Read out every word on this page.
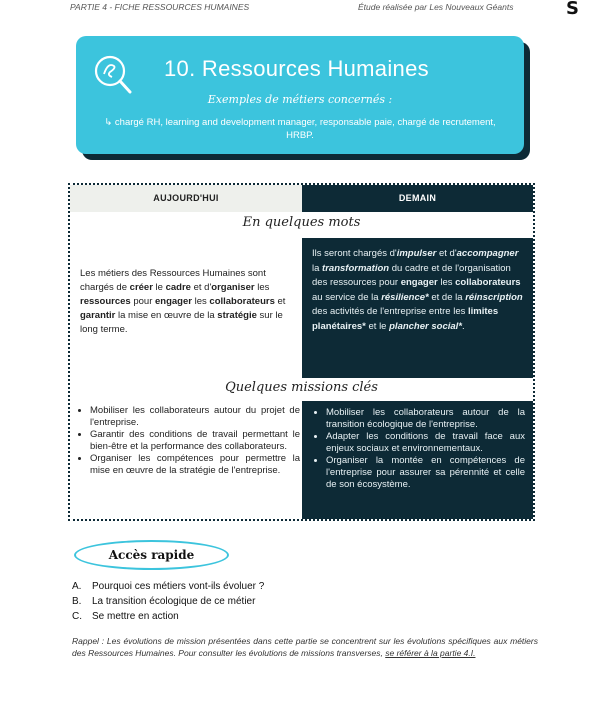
PARTIE 4 - FICHE RESSOURCES HUMAINES	Étude réalisée par Les Nouveaux Géants	S
10. Ressources Humaines
Exemples de métiers concernés :
↳ chargé RH, learning and development manager, responsable paie, chargé de recrutement, HRBP.
AUJOURD'HUI	DEMAIN
En quelques mots
Les métiers des Ressources Humaines sont chargés de créer le cadre et d'organiser les ressources pour engager les collaborateurs et garantir la mise en œuvre de la stratégie sur le long terme.
Ils seront chargés d'impulser et d'accompagner la transformation du cadre et de l'organisation des ressources pour engager les collaborateurs au service de la résilience* et de la réinscription des activités de l'entreprise entre les limites planétaires* et le plancher social*.
Quelques missions clés
• Mobiliser les collaborateurs autour du projet de l'entreprise.
• Garantir des conditions de travail permettant le bien-être et la performance des collaborateurs.
• Organiser les compétences pour permettre la mise en œuvre de la stratégie de l'entreprise.
• Mobiliser les collaborateurs autour de la transition écologique de l'entreprise.
• Adapter les conditions de travail face aux enjeux sociaux et environnementaux.
• Organiser la montée en compétences de l'entreprise pour assurer sa pérennité et celle de son écosystème.
Accès rapide
A. Pourquoi ces métiers vont-ils évoluer ?
B. La transition écologique de ce métier
C. Se mettre en action
Rappel : Les évolutions de mission présentées dans cette partie se concentrent sur les évolutions spécifiques aux métiers des Ressources Humaines. Pour consulter les évolutions de missions transverses, se référer à la partie 4.I.
